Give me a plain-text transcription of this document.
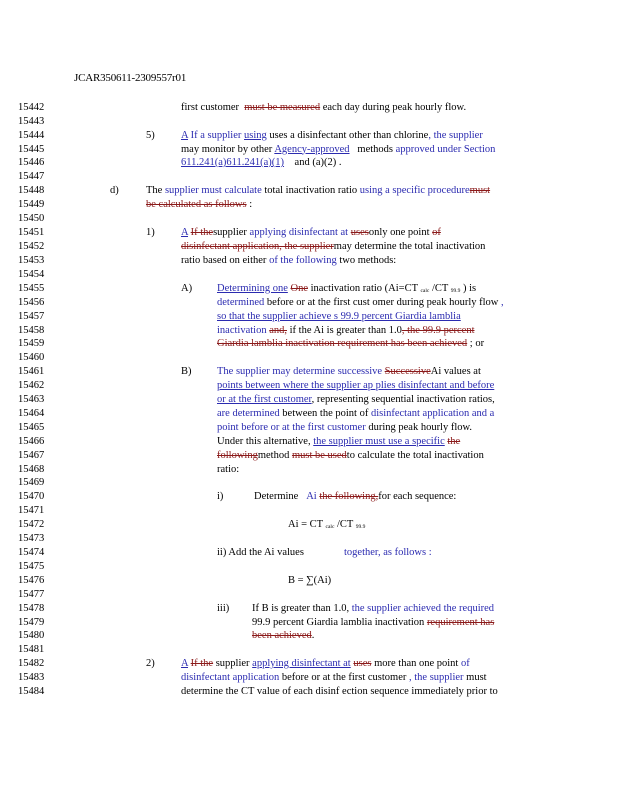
JCAR350611-2309557r01
15442
15443
15444
15445
15446
15447
15448
15449
15450
15451
15452
15453
15454
15455
15456
15457
15458
15459
15460
15461
15462
15463
15464
15465
15466
15467
15468
15469
15470
15471
15472
15473
15474
15475
15476
15477
15478
15479
15480
15481
15482
15483
15484
5)
d)
1)
A)
B)
i)
ii) Add the Ai values
iii)
2)
first customer must be measured each day during peak hourly flow.
A If a supplier using uses a disinfectant other than chlorine, the supplier
may monitor by other Agency-approved methods approved under Section
611.241(a)611.241(a)(1) and (a)(2) .
The supplier must calculate total inactivation ratio using a specific proceduremust
be calculated as follows :
A If thesupplier applying disinfectant at usesonly one point of
disinfectant application, the suppliermay determine the total inactivation
ratio based on either of the following two methods:
Determining one One inactivation ratio (Ai=CT calc /CT 99.9 ) is
determined before or at the first cust omer during peak hourly flow ,
so that the supplier achieve s 99.9 percent Giardia lamblia
inactivation and, if the Ai is greater than 1.0, the 99.9 percent
Giardia lamblia inactivation requirement has been achieved ; or
The supplier may determine successive SuccessiveAi values at
points between where the supplier ap plies disinfectant and before
or at the first customer, representing sequential inactivation ratios,
are determined between the point of disinfectant application and a
point before or at the first customer during peak hourly flow.
Under this alternative, the supplier must use a specific the
followingmethod must be usedto calculate the total inactivation
ratio:
Determine Ai the following,for each sequence:
Ai = CT calc /CT 99.9
together, as follows :
B = ∑(Ai)
If B is greater than 1.0, the supplier achieved the required
99.9 percent Giardia lamblia inactivation requirement has
been achieved.
A If the supplier applying disinfectant at uses more than one point of
disinfectant application before or at the first customer , the supplier must
determine the CT value of each disinf ection sequence immediately prior to
